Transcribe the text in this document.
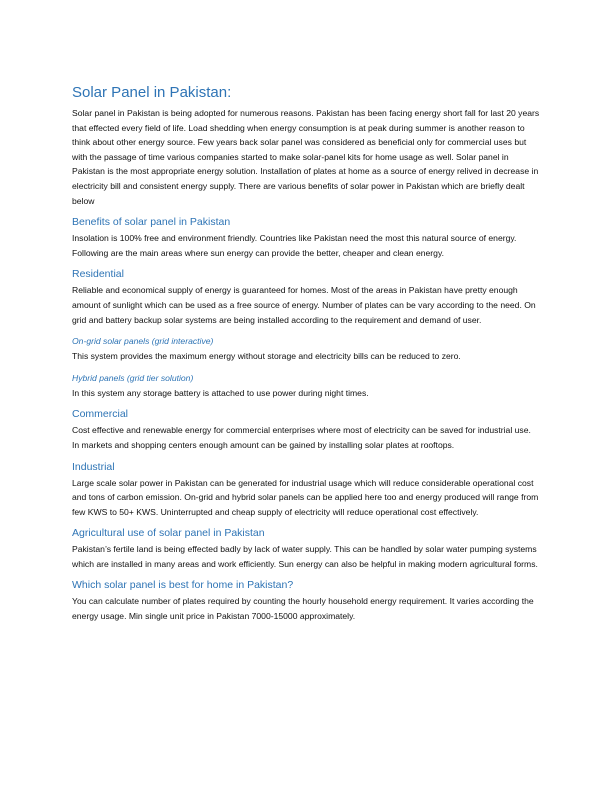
Solar Panel in Pakistan:

Solar panel in Pakistan is being adopted for numerous reasons. Pakistan has been facing energy short fall for last 20 years that effected every field of life. Load shedding when energy consumption is at peak during summer is another reason to think about other energy source. Few years back solar panel was considered as beneficial only for commercial uses but with the passage of time various companies started to make solar-panel kits for home usage as well. Solar panel in Pakistan is the most appropriate energy solution. Installation of plates at home as a source of energy relived in decrease in electricity bill and consistent energy supply. There are various benefits of solar power in Pakistan which are briefly dealt below

Benefits of solar panel in Pakistan

Insolation is 100% free and environment friendly. Countries like Pakistan need the most this natural source of energy. Following are the main areas where sun energy can provide the better, cheaper and clean energy.

Residential

Reliable and economical supply of energy is guaranteed for homes. Most of the areas in Pakistan have pretty enough amount of sunlight which can be used as a free source of energy. Number of plates can be vary according to the need. On grid and battery backup solar systems are being installed according to the requirement and demand of user.

On-grid solar panels (grid interactive)

This system provides the maximum energy without storage and electricity bills can be reduced to zero.

Hybrid panels (grid tier solution)

In this system any storage battery is attached to use power during night times.

Commercial

Cost effective and renewable energy for commercial enterprises where most of electricity can be saved for industrial use. In markets and shopping centers enough amount can be gained by installing solar plates at rooftops.

Industrial

Large scale solar power in Pakistan can be generated for industrial usage which will reduce considerable operational cost and tons of carbon emission. On-grid and hybrid solar panels can be applied here too and energy produced will range from few KWS to 50+ KWS. Uninterrupted and cheap supply of electricity will reduce operational cost effectively.

Agricultural use of solar panel in Pakistan

Pakistan’s fertile land is being effected badly by lack of water supply. This can be handled by solar water pumping systems which are installed in many areas and work efficiently. Sun energy can also be helpful in making modern agricultural forms.

Which solar panel is best for home in Pakistan?

You can calculate number of plates required by counting the hourly household energy requirement. It varies according the energy usage. Min single unit price in Pakistan 7000-15000 approximately.
